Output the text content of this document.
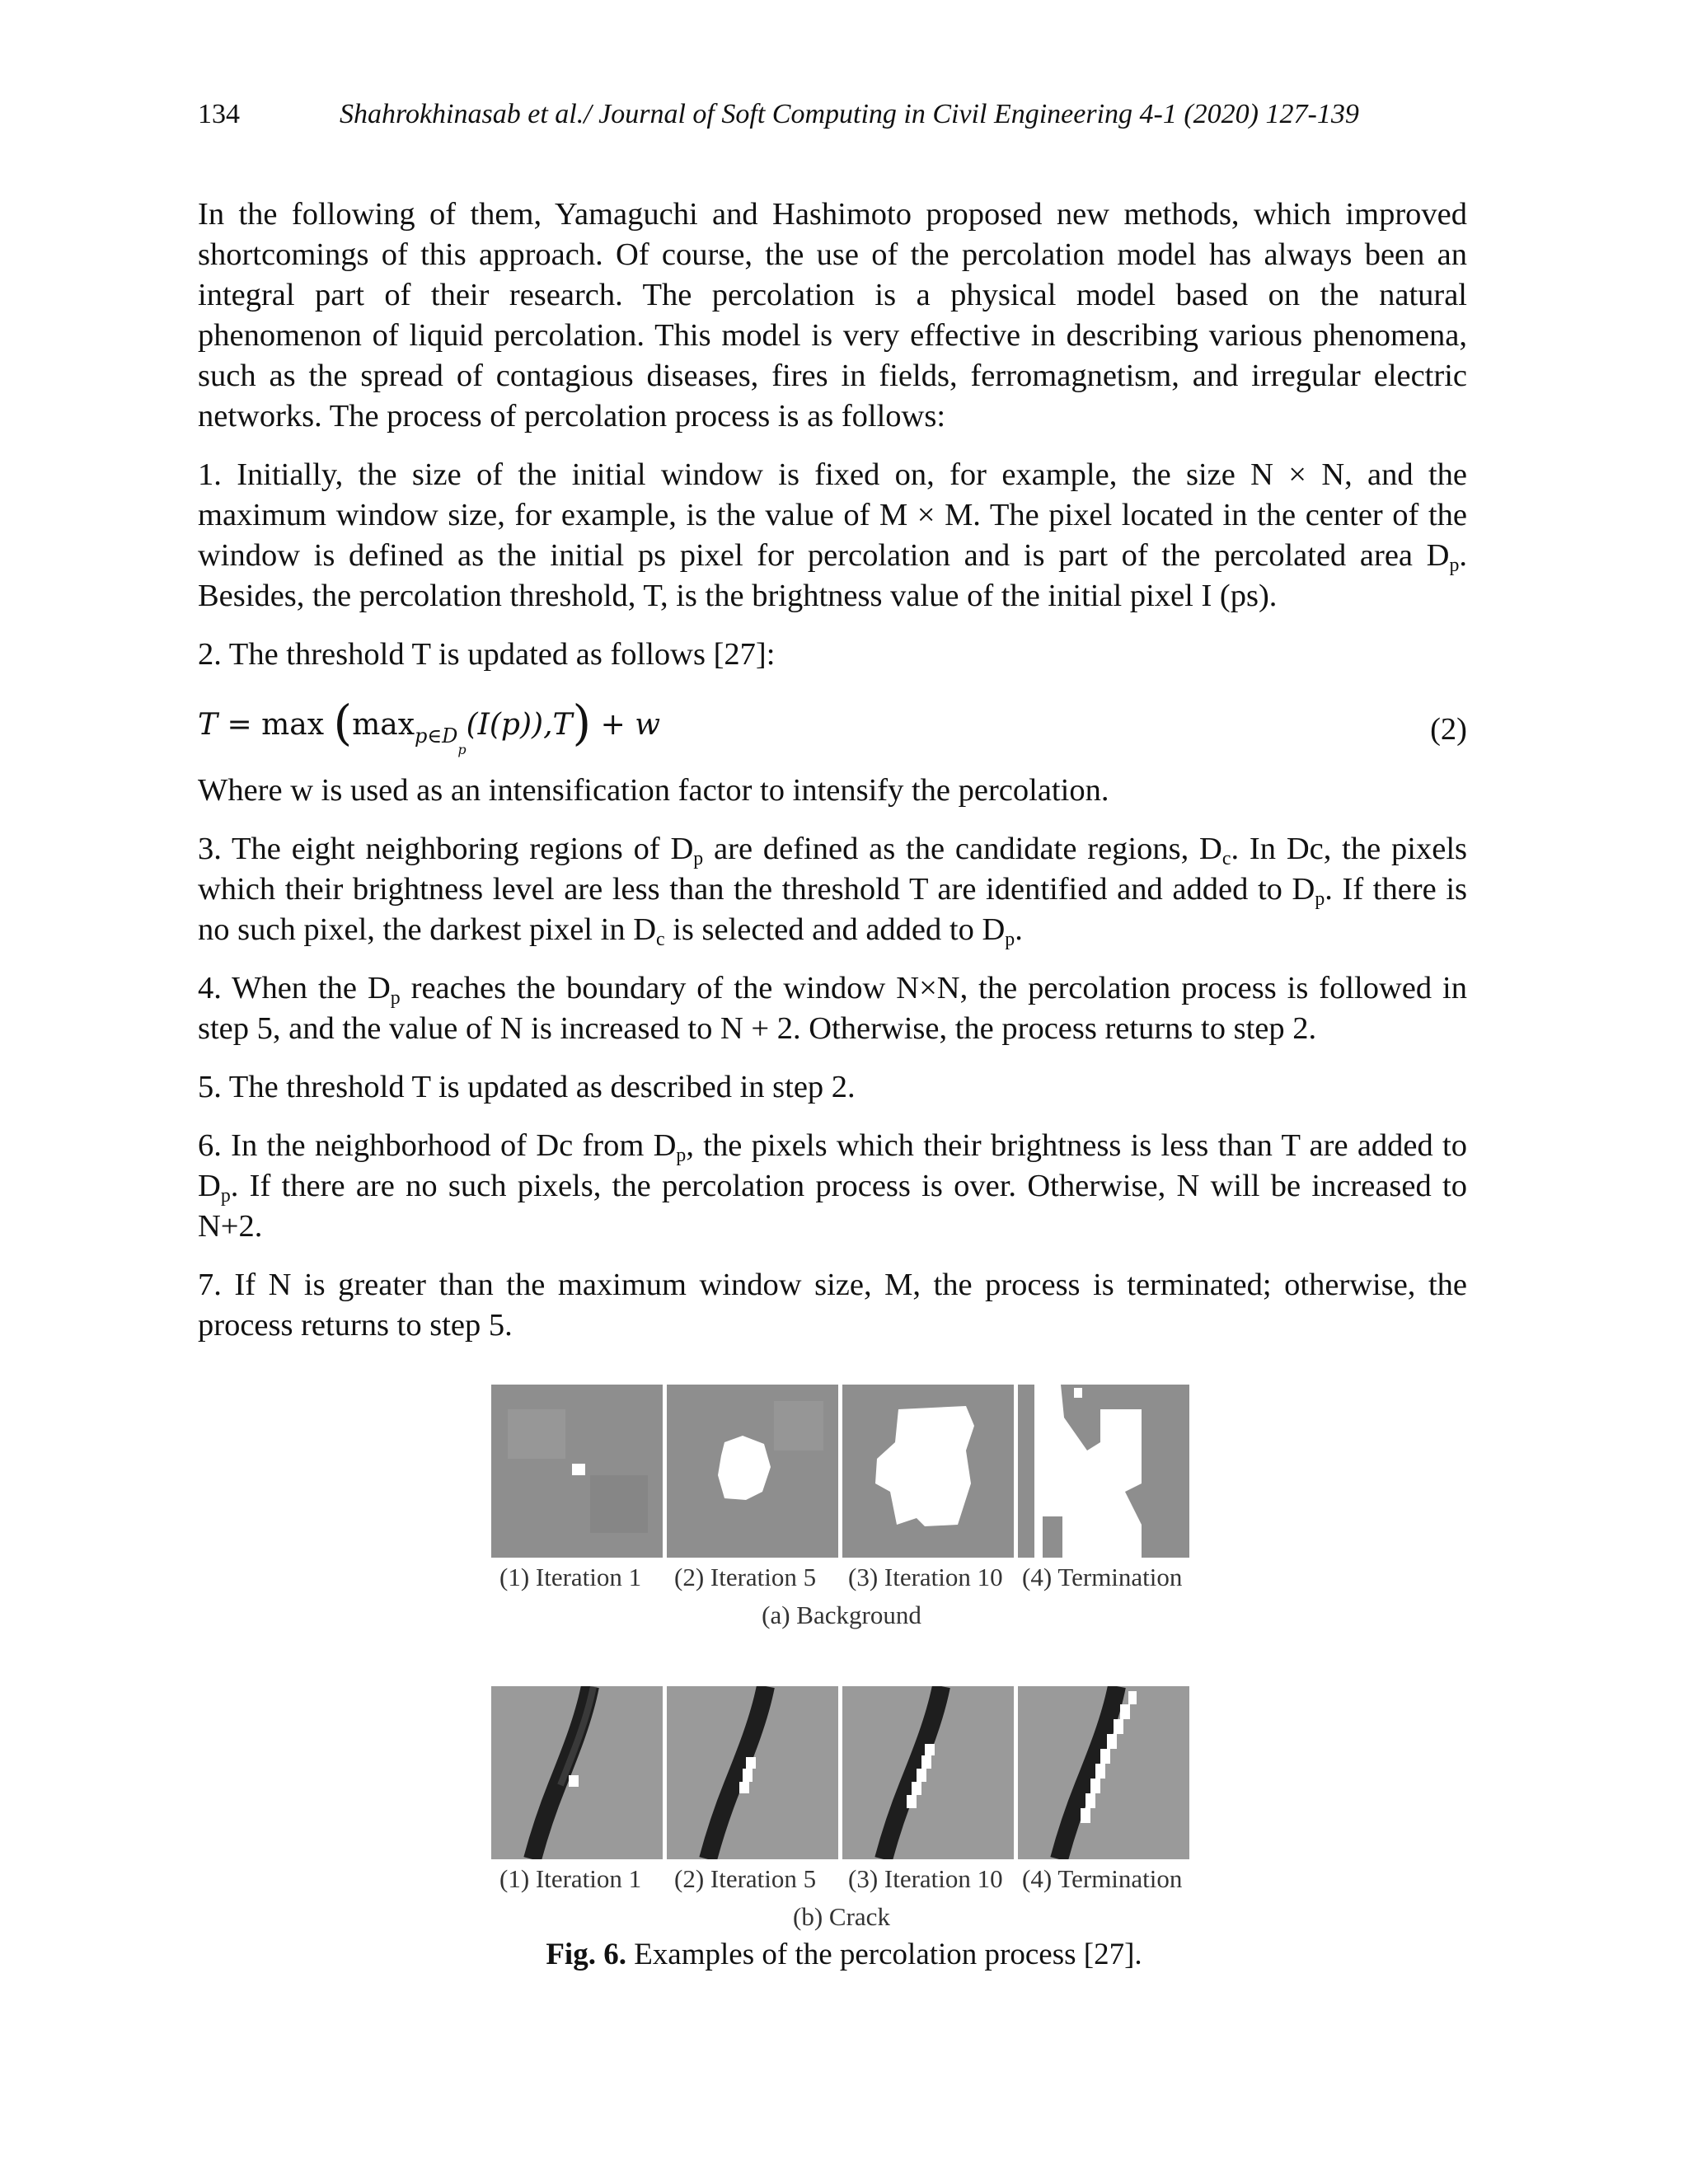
134	Shahrokhinasab et al./ Journal of Soft Computing in Civil Engineering 4-1 (2020) 127-139

In the following of them, Yamaguchi and Hashimoto proposed new methods, which improved shortcomings of this approach. Of course, the use of the percolation model has always been an integral part of their research. The percolation is a physical model based on the natural phenomenon of liquid percolation. This model is very effective in describing various phenomena, such as the spread of contagious diseases, fires in fields, ferromagnetism, and irregular electric networks. The process of percolation process is as follows:

1. Initially, the size of the initial window is fixed on, for example, the size N × N, and the maximum window size, for example, is the value of M × M. The pixel located in the center of the window is defined as the initial ps pixel for percolation and is part of the percolated area $D_p$. Besides, the percolation threshold, T, is the brightness value of the initial pixel I (ps).

2. The threshold T is updated as follows [27]:

$T = \max (\max_{p\in D_p}(I(p)),T) + w$	(2)

Where w is used as an intensification factor to intensify the percolation.

3. The eight neighboring regions of $D_p$ are defined as the candidate regions, $D_c$. In Dc, the pixels which their brightness level are less than the threshold T are identified and added to $D_p$. If there is no such pixel, the darkest pixel in $D_c$ is selected and added to $D_p$.

4. When the $D_p$ reaches the boundary of the window N×N, the percolation process is followed in step 5, and the value of N is increased to N + 2. Otherwise, the process returns to step 2.

5. The threshold T is updated as described in step 2.

6. In the neighborhood of Dc from $D_p$, the pixels which their brightness is less than T are added to $D_p$. If there are no such pixels, the percolation process is over. Otherwise, N will be increased to N+2.

7. If N is greater than the maximum window size, M, the process is terminated; otherwise, the process returns to step 5.

(1) Iteration 1 (2) Iteration 5 (3) Iteration 10 (4) Termination
(a) Background
(1) Iteration 1 (2) Iteration 5 (3) Iteration 10 (4) Termination
(b) Crack
Fig. 6. Examples of the percolation process [27].
